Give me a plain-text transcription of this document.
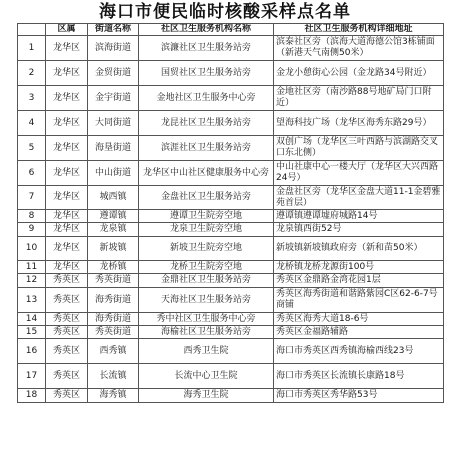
海口市便民临时核酸采样点名单
	区属	街道名称	社区卫生服务机构名称	社区卫生服务机构详细地址
1	龙华区	滨海街道	滨濂社区卫生服务站旁	滨泰社区旁（滨海大道海德公馆3栋铺面（新港天气南侧50米）
2	龙华区	金贸街道	国贸社区卫生服务站旁	金龙小憩街心公园（金龙路34号附近）
3	龙华区	金宇街道	金地社区卫生服务中心旁	金地社区旁（南沙路88号地矿局门口附近）
4	龙华区	大同街道	龙昆社区卫生服务站旁	望海科技广场（龙华区海秀东路29号）
5	龙华区	海垦街道	滨涯社区卫生服务站旁	双创广场（龙华区三叶西路与滨湖路交叉口东北侧）
6	龙华区	中山街道	龙华区中山社区健康服务中心旁	中山社康中心一楼大厅（龙华区大兴西路24号）
7	龙华区	城西镇	金盘社区卫生服务站旁	金盘社区旁（龙华区金盘大道11-1金碧雅苑首层）
8	龙华区	遵谭镇	遵谭卫生院旁空地	遵谭镇遵谭墟府城路14号
9	龙华区	龙泉镇	龙泉卫生院旁空地	龙泉镇西街52号
10	龙华区	新坡镇	新坡卫生院旁空地	新坡镇新坡镇政府旁（新和苗50米）
11	龙华区	龙桥镇	龙桥卫生院旁空地	龙桥镇龙桥龙源街100号
12	秀英区	秀英街道	金鼎社区卫生服务站旁	秀英区金鼎路金湾花园1层
13	秀英区	海秀街道	天海社区卫生服务站旁	秀英区海秀街道和谐路紫园C区62-6-7号商铺
14	秀英区	海秀街道	秀中社区卫生服务中心旁	秀英区海秀大道18-6号
15	秀英区	秀英街道	海榆社区卫生服务站旁	秀英区金福路辅路
16	秀英区	西秀镇	西秀卫生院	海口市秀英区西秀镇海榆西线23号
17	秀英区	长流镇	长流中心卫生院	海口市秀英区长流镇长康路18号
18	秀英区	海秀镇	海秀卫生院	海口市秀英区秀华路53号
